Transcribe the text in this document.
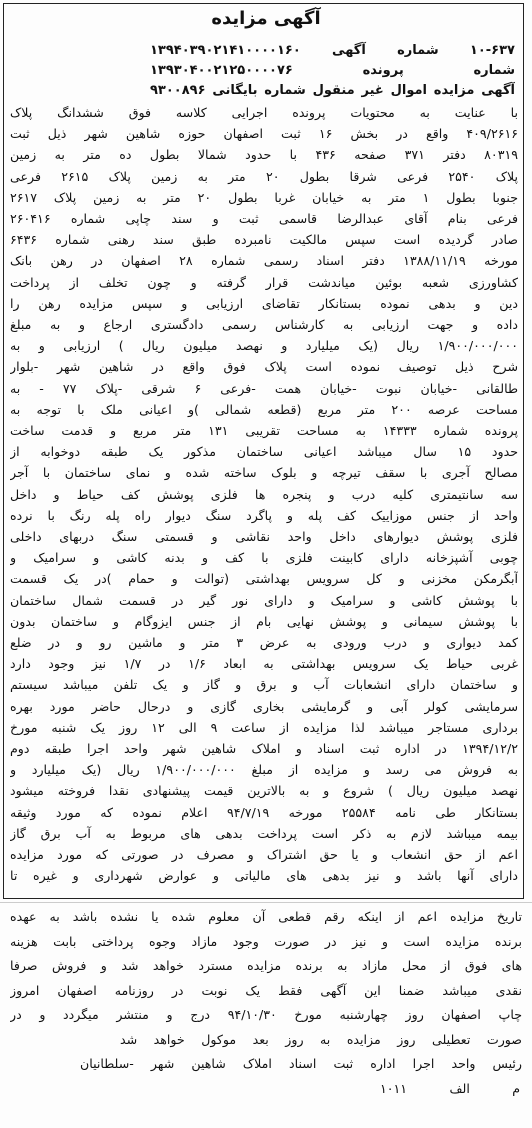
آگهی مزایده
۱۰-۶۳۷ شماره آگهی ۱۳۹۴۰۳۹۰۲۱۴۱۰۰۰۰۱۶۰
شماره پرونده ۱۳۹۳۰۴۰۰۲۱۲۵۰۰۰۰۷۶
آگهی مزایده اموال غیر منقول شماره بایگانی ۹۳۰۰۸۹۶
با عنایت به محتویات پرونده اجرایی کلاسه فوق ششدانگ پلاک
۴۰۹/۲۶۱۶ واقع در بخش ۱۶ ثبت اصفهان حوزه شاهین شهر ذیل ثبت
۸۰۳۱۹ دفتر ۳۷۱ صفحه ۴۳۶ با حدود شمالا بطول ده متر به زمین
پلاک ۲۵۴۰ فرعی شرقا بطول ۲۰ متر به زمین پلاک ۲۶۱۵ فرعی
جنوبا بطول ۱ متر به خیابان غربا بطول ۲۰ متر به زمین پلاک ۲۶۱۷
فرعی بنام آقای عبدالرضا قاسمی ثبت و سند چاپی شماره ۲۶۰۴۱۶
صادر گردیده است سپس مالکیت نامبرده طبق سند رهنی شماره ۶۴۳۶
مورخه ۱۳۸۸/۱۱/۱۹ دفتر اسناد رسمی شماره ۲۸ اصفهان در رهن بانک
کشاورزی شعبه بوئین میاندشت قرار گرفته و چون تخلف از پرداخت
دین و بدهی نموده بستانکار تقاضای ارزیابی و سپس مزایده رهن را
داده و جهت ارزیابی به کارشناس رسمی دادگستری ارجاع و به مبلغ
۱/۹۰۰/۰۰۰/۰۰۰ ریال (یک میلیارد و نهصد میلیون ریال ) ارزیابی و به
شرح ذیل توصیف نموده است پلاک فوق واقع در شاهین شهر -بلوار
طالقانی -خیابان نبوت -خیابان همت -فرعی ۶ شرقی -پلاک ۷۷ - به
مساحت عرصه ۲۰۰ متر مربع (قطعه شمالی )و اعیانی ملک با توجه به
پرونده شماره ۱۴۳۳۳ به مساحت تقریبی ۱۳۱ متر مربع و قدمت ساخت
حدود ۱۵ سال میباشد اعیانی ساختمان مذکور یک طبقه دوخوابه از
مصالح آجری با سقف تیرچه و بلوک ساخته شده و نمای ساختمان با آجر
سه سانتیمتری کلیه درب و پنجره ها فلزی پوشش کف حیاط و داخل
واحد از جنس موزاییک کف پله و پاگرد سنگ دیوار راه پله رنگ با نرده
فلزی پوشش دیوارهای داخل واحد نقاشی و قسمتی سنگ دربهای داخلی
چوبی آشپزخانه دارای کابینت فلزی با کف و بدنه کاشی و سرامیک و
آبگرمکن مخزنی و کل سرویس بهداشتی (توالت و حمام )در یک قسمت
با پوشش کاشی و سرامیک و دارای نور گیر در قسمت شمال ساختمان
با پوشش سیمانی و پوشش نهایی بام از جنس ایزوگام و ساختمان بدون
کمد دیواری و درب ورودی به عرض ۳ متر و ماشین رو و در ضلع
غربی حیاط یک سرویس بهداشتی به ابعاد ۱/۶ در ۱/۷ نیز وجود دارد
و ساختمان دارای انشعابات آب و برق و گاز و یک تلفن میباشد سیستم
سرمایشی کولر آبی و گرمایشی بخاری گازی و درحال حاضر مورد بهره
برداری مستاجر میباشد لذا مزایده از ساعت ۹ الی ۱۲ روز یک شنبه مورخ
۱۳۹۴/۱۲/۲ در اداره ثبت اسناد و املاک شاهین شهر واحد اجرا طبقه دوم
به فروش می رسد و مزایده از مبلغ ۱/۹۰۰/۰۰۰/۰۰۰ ریال (یک میلیارد و
نهصد میلیون ریال ) شروع و به بالاترین قیمت پیشنهادی نقدا فروخته میشود
بستانکار طی نامه ۲۵۵۸۴ مورخه ۹۴/۷/۱۹ اعلام نموده که مورد وثیقه
بیمه میباشد لازم به ذکر است پرداخت بدهی های مربوط به آب برق گاز
اعم از حق انشعاب و یا حق اشتراک و مصرف در صورتی که مورد مزایده
دارای آنها باشد و نیز بدهی های مالیاتی و عوارض شهرداری و غیره تا
تاریخ مزایده اعم از اینکه رقم قطعی آن معلوم شده یا نشده باشد به عهده
برنده مزایده است و نیز در صورت وجود مازاد وجوه پرداختی بابت هزینه
های فوق از محل مازاد به برنده مزایده مسترد خواهد شد و فروش صرفا
نقدی میباشد ضمنا این آگهی فقط یک نوبت در روزنامه اصفهان امروز
چاپ اصفهان روز چهارشنبه مورخ ۹۴/۱۰/۳۰ درج و منتشر میگردد و در
صورت تعطیلی روز مزایده به روز بعد موکول خواهد شد
رئیس واحد اجرا اداره ثبت اسناد املاک شاهین شهر -سلطانیان
م الف ۱۰۱۱
